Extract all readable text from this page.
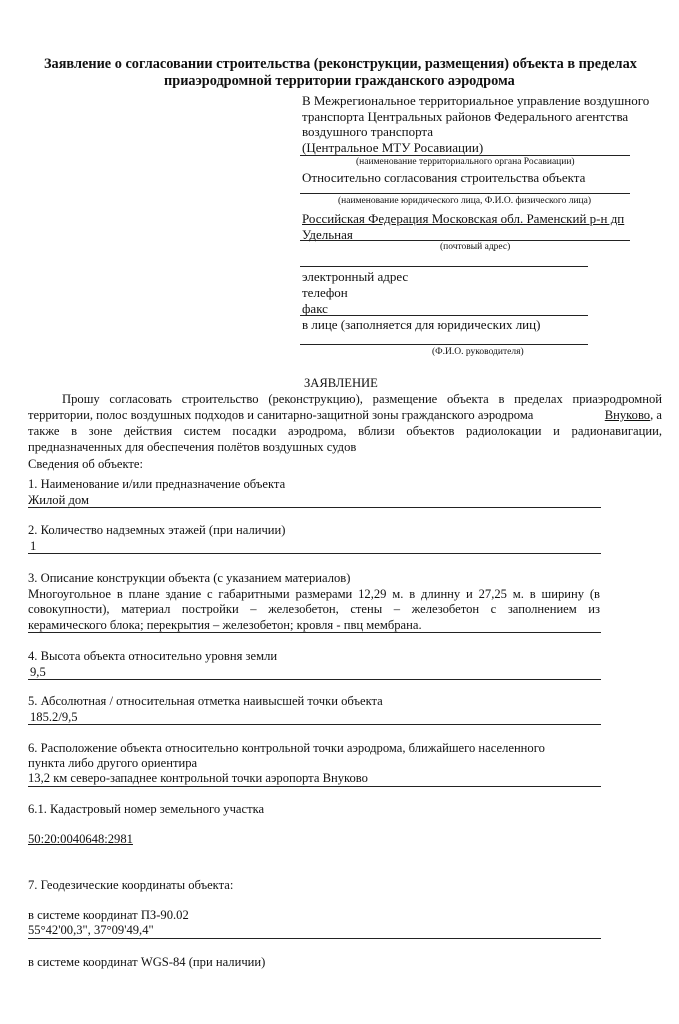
Заявление о согласовании строительства (реконструкции, размещения) объекта в пределах
приаэродромной территории гражданского аэродрома
В Межрегиональное территориальное управление воздушного
транспорта Центральных районов Федерального агентства
воздушного транспорта
(Центральное МТУ Росавиации)
(наименование территориального органа Росавиации)
Относительно согласования строительства объекта
(наименование юридического лица, Ф.И.О. физического лица)
Российская Федерация Московская обл. Раменский р-н дп
Удельная
(почтовый адрес)
электронный адрес
телефон
факс
в лице (заполняется для юридических лиц)
(Ф.И.О. руководителя)
ЗАЯВЛЕНИЕ
Прошу согласовать строительство (реконструкцию), размещение объекта в пределах приаэродромной
территории, полос воздушных подходов и санитарно-защитной зоны гражданского аэродрома	Внуково, а
также в зоне действия систем посадки аэродрома, вблизи объектов радиолокации и радионавигации,
предназначенных для обеспечения полётов воздушных судов
Сведения об объекте:
1. Наименование и/или предназначение объекта
Жилой дом
2. Количество надземных этажей (при наличии)
1
3. Описание конструкции объекта (с указанием материалов)
Многоугольное в плане здание с габаритными размерами 12,29 м. в длинну и 27,25 м. в ширину (в
совокупности), материал постройки – железобетон, стены – железобетон с заполнением из
керамического блока; перекрытия – железобетон; кровля - пвц мембрана.
4. Высота объекта относительно уровня земли
9,5
5. Абсолютная / относительная отметка наивысшей точки объекта
185.2/9,5
6. Расположение объекта относительно контрольной точки аэродрома, ближайшего населенного
пункта либо другого ориентира
13,2 км северо-западнее контрольной точки аэропорта Внуково
6.1. Кадастровый номер земельного участка
50:20:0040648:2981
7. Геодезические координаты объекта:
в системе координат ПЗ-90.02
55°42'00,3", 37°09'49,4"
в системе координат WGS-84 (при наличии)
